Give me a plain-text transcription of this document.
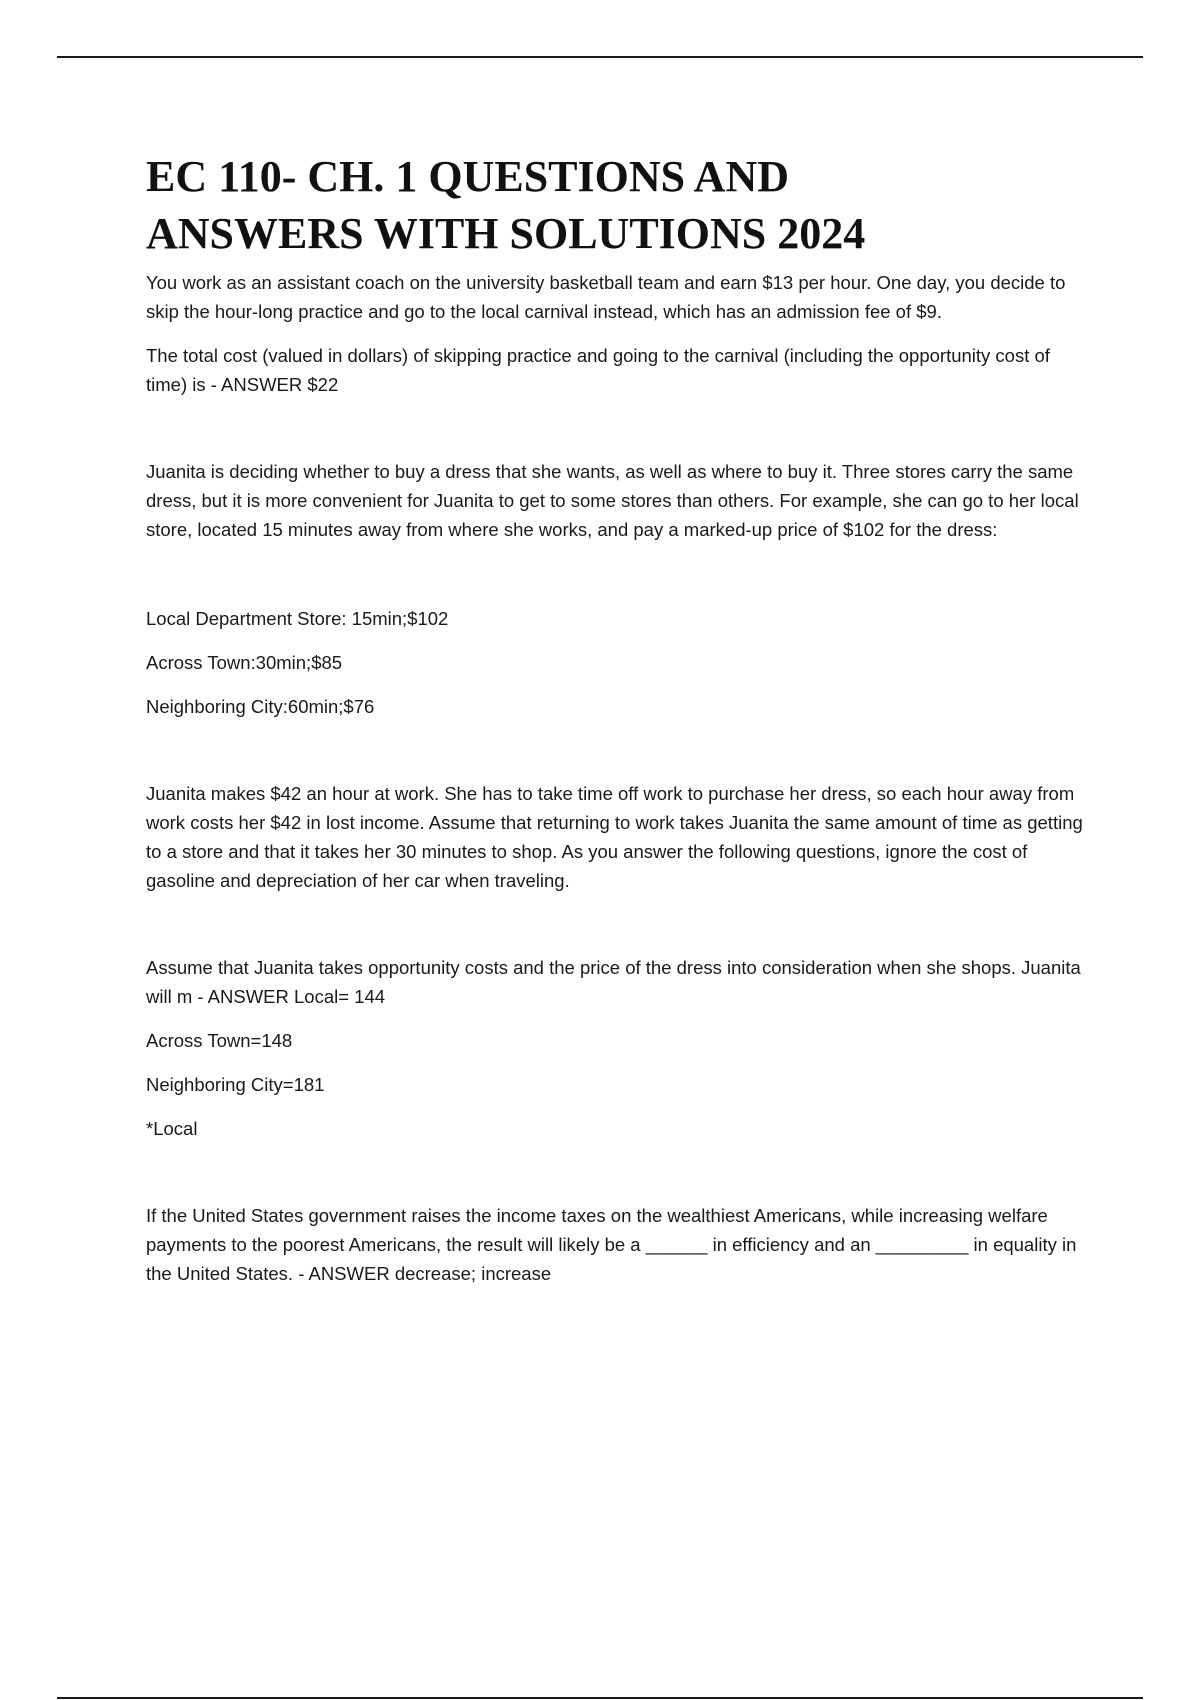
EC 110- CH. 1 QUESTIONS AND
ANSWERS WITH SOLUTIONS 2024

You work as an assistant coach on the university basketball team and earn $13 per hour. One day, you decide to skip the hour-long practice and go to the local carnival instead, which has an admission fee of $9.

The total cost (valued in dollars) of skipping practice and going to the carnival (including the opportunity cost of time) is - ANSWER $22

Juanita is deciding whether to buy a dress that she wants, as well as where to buy it. Three stores carry the same dress, but it is more convenient for Juanita to get to some stores than others. For example, she can go to her local store, located 15 minutes away from where she works, and pay a marked-up price of $102 for the dress:

Local Department Store: 15min;$102

Across Town:30min;$85

Neighboring City:60min;$76

Juanita makes $42 an hour at work. She has to take time off work to purchase her dress, so each hour away from work costs her $42 in lost income. Assume that returning to work takes Juanita the same amount of time as getting to a store and that it takes her 30 minutes to shop. As you answer the following questions, ignore the cost of gasoline and depreciation of her car when traveling.

Assume that Juanita takes opportunity costs and the price of the dress into consideration when she shops. Juanita will m - ANSWER Local= 144

Across Town=148

Neighboring City=181

*Local

If the United States government raises the income taxes on the wealthiest Americans, while increasing welfare payments to the poorest Americans, the result will likely be a ______ in efficiency and an _________ in equality in the United States. - ANSWER decrease; increase
